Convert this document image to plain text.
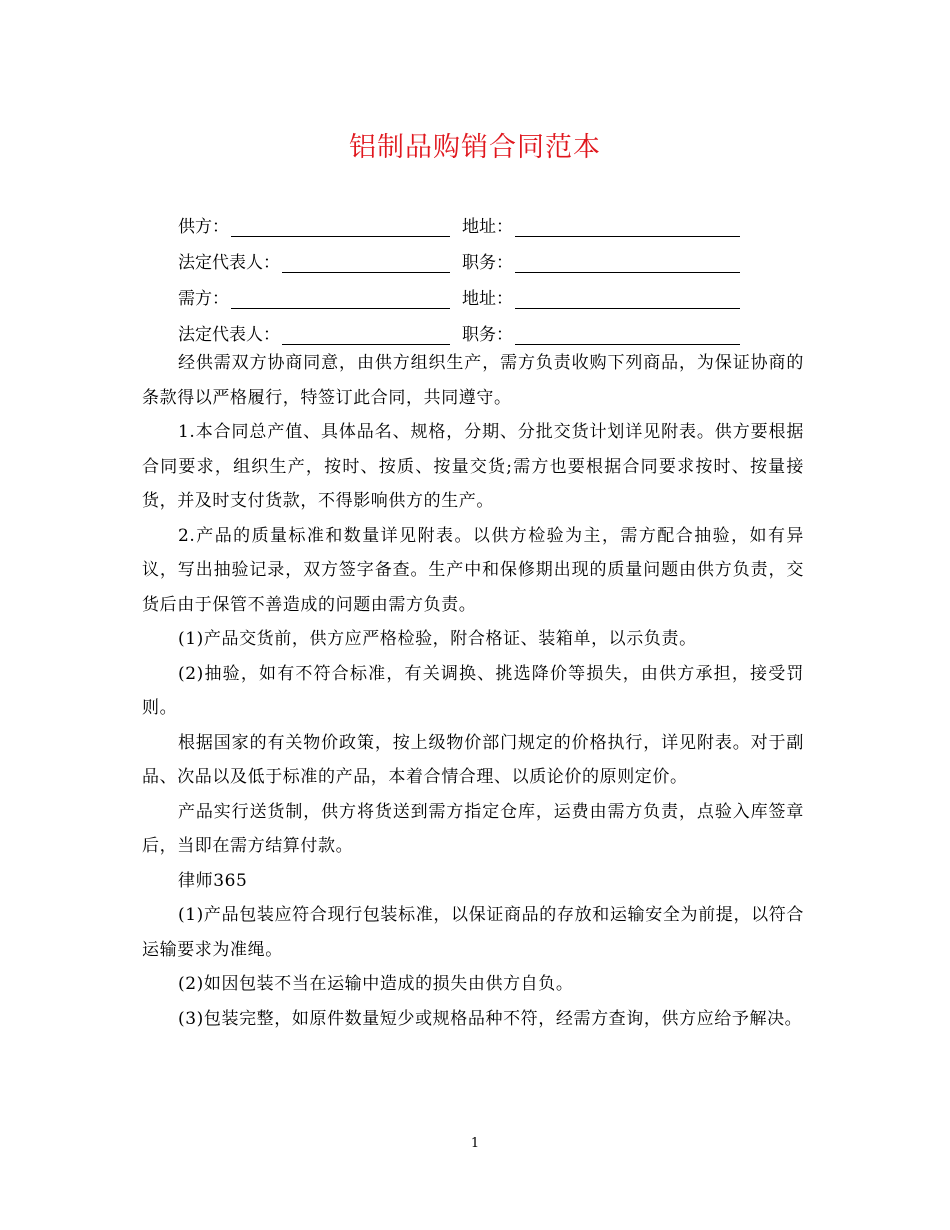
铝制品购销合同范本
供方：	地址：
法定代表人：	职务：
需方：	地址：
法定代表人：	职务：

经供需双方协商同意，由供方组织生产，需方负责收购下列商品，为保证协商的条款得以严格履行，特签订此合同，共同遵守。

1.本合同总产值、具体品名、规格，分期、分批交货计划详见附表。供方要根据合同要求，组织生产，按时、按质、按量交货;需方也要根据合同要求按时、按量接货，并及时支付货款，不得影响供方的生产。

2.产品的质量标准和数量详见附表。以供方检验为主，需方配合抽验，如有异议，写出抽验记录，双方签字备查。生产中和保修期出现的质量问题由供方负责，交货后由于保管不善造成的问题由需方负责。

(1)产品交货前，供方应严格检验，附合格证、装箱单，以示负责。

(2)抽验，如有不符合标准，有关调换、挑选降价等损失，由供方承担，接受罚则。

根据国家的有关物价政策，按上级物价部门规定的价格执行，详见附表。对于副品、次品以及低于标准的产品，本着合情合理、以质论价的原则定价。

产品实行送货制，供方将货送到需方指定仓库，运费由需方负责，点验入库签章后，当即在需方结算付款。

律师365

(1)产品包装应符合现行包装标准，以保证商品的存放和运输安全为前提，以符合运输要求为准绳。

(2)如因包装不当在运输中造成的损失由供方自负。

(3)包装完整，如原件数量短少或规格品种不符，经需方查询，供方应给予解决。

1
